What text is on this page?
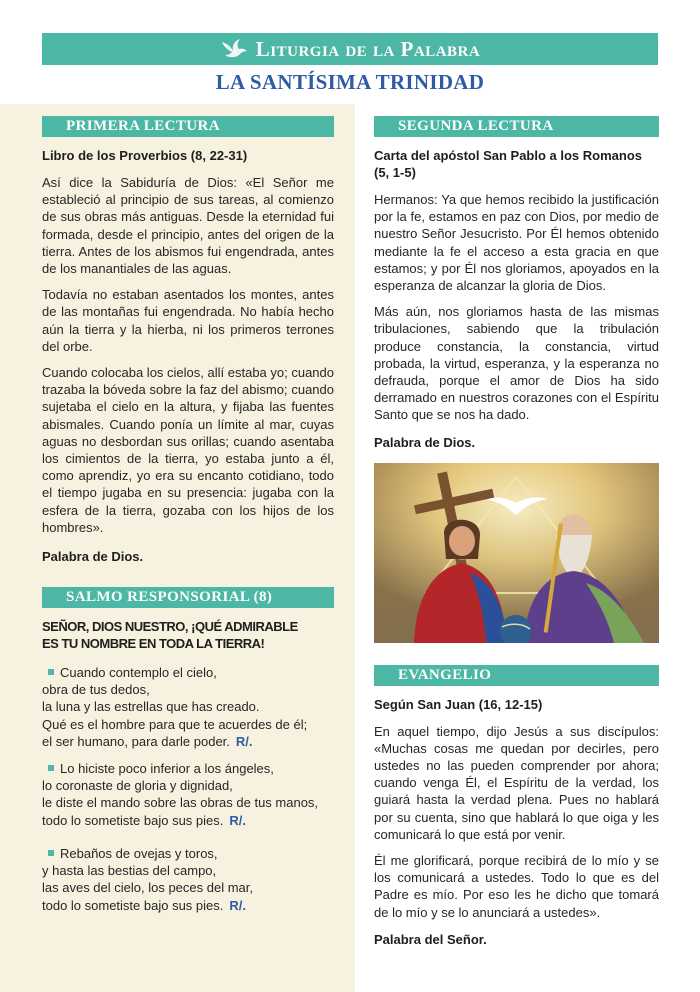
Liturgia de la Palabra
LA SANTÍSIMA TRINIDAD
PRIMERA LECTURA
Libro de los Proverbios (8, 22-31)

Así dice la Sabiduría de Dios: «El Señor me estableció al principio de sus tareas, al comienzo de sus obras más antiguas. Desde la eternidad fui formada, desde el principio, antes del origen de la tierra. Antes de los abismos fui engendrada, antes de los manantiales de las aguas.

Todavía no estaban asentados los montes, antes de las montañas fui engendrada. No había hecho aún la tierra y la hierba, ni los primeros terrones del orbe.

Cuando colocaba los cielos, allí estaba yo; cuando trazaba la bóveda sobre la faz del abismo; cuando sujetaba el cielo en la altura, y fijaba las fuentes abismales. Cuando ponía un límite al mar, cuyas aguas no desbordan sus orillas; cuando asentaba los cimientos de la tierra, yo estaba junto a él, como aprendiz, yo era su encanto cotidiano, todo el tiempo jugaba en su presencia: jugaba con la esfera de la tierra, gozaba con los hijos de los hombres».

Palabra de Dios.
SALMO RESPONSORIAL (8)
SEÑOR, DIOS NUESTRO, ¡QUÉ ADMIRABLE
ES TU NOMBRE EN TODA LA TIERRA!
Cuando contemplo el cielo,
obra de tus dedos,
la luna y las estrellas que has creado.
Qué es el hombre para que te acuerdes de él;
el ser humano, para darle poder. R/.
Lo hiciste poco inferior a los ángeles,
lo coronaste de gloria y dignidad,
le diste el mando sobre las obras de tus manos,
todo lo sometiste bajo sus pies. R/.
Rebaños de ovejas y toros,
y hasta las bestias del campo,
las aves del cielo, los peces del mar,
todo lo sometiste bajo sus pies. R/.
SEGUNDA LECTURA
Carta del apóstol San Pablo a los Romanos (5, 1-5)

Hermanos: Ya que hemos recibido la justificación por la fe, estamos en paz con Dios, por medio de nuestro Señor Jesucristo. Por Él hemos obtenido mediante la fe el acceso a esta gracia en que estamos; y por Él nos gloriamos, apoyados en la esperanza de alcanzar la gloria de Dios.

Más aún, nos gloriamos hasta de las mismas tribulaciones, sabiendo que la tribulación produce constancia, la constancia, virtud probada, la virtud, esperanza, y la esperanza no defrauda, porque el amor de Dios ha sido derramado en nuestros corazones con el Espíritu Santo que se nos ha dado.

Palabra de Dios.
EVANGELIO
Según San Juan (16, 12-15)

En aquel tiempo, dijo Jesús a sus discípulos: «Muchas cosas me quedan por decirles, pero ustedes no las pueden comprender por ahora; cuando venga Él, el Espíritu de la verdad, los guiará hasta la verdad plena. Pues no hablará por su cuenta, sino que hablará lo que oiga y les comunicará lo que está por venir.

Él me glorificará, porque recibirá de lo mío y se los comunicará a ustedes. Todo lo que es del Padre es mío. Por eso les he dicho que tomará de lo mío y se lo anunciará a ustedes».

Palabra del Señor.
